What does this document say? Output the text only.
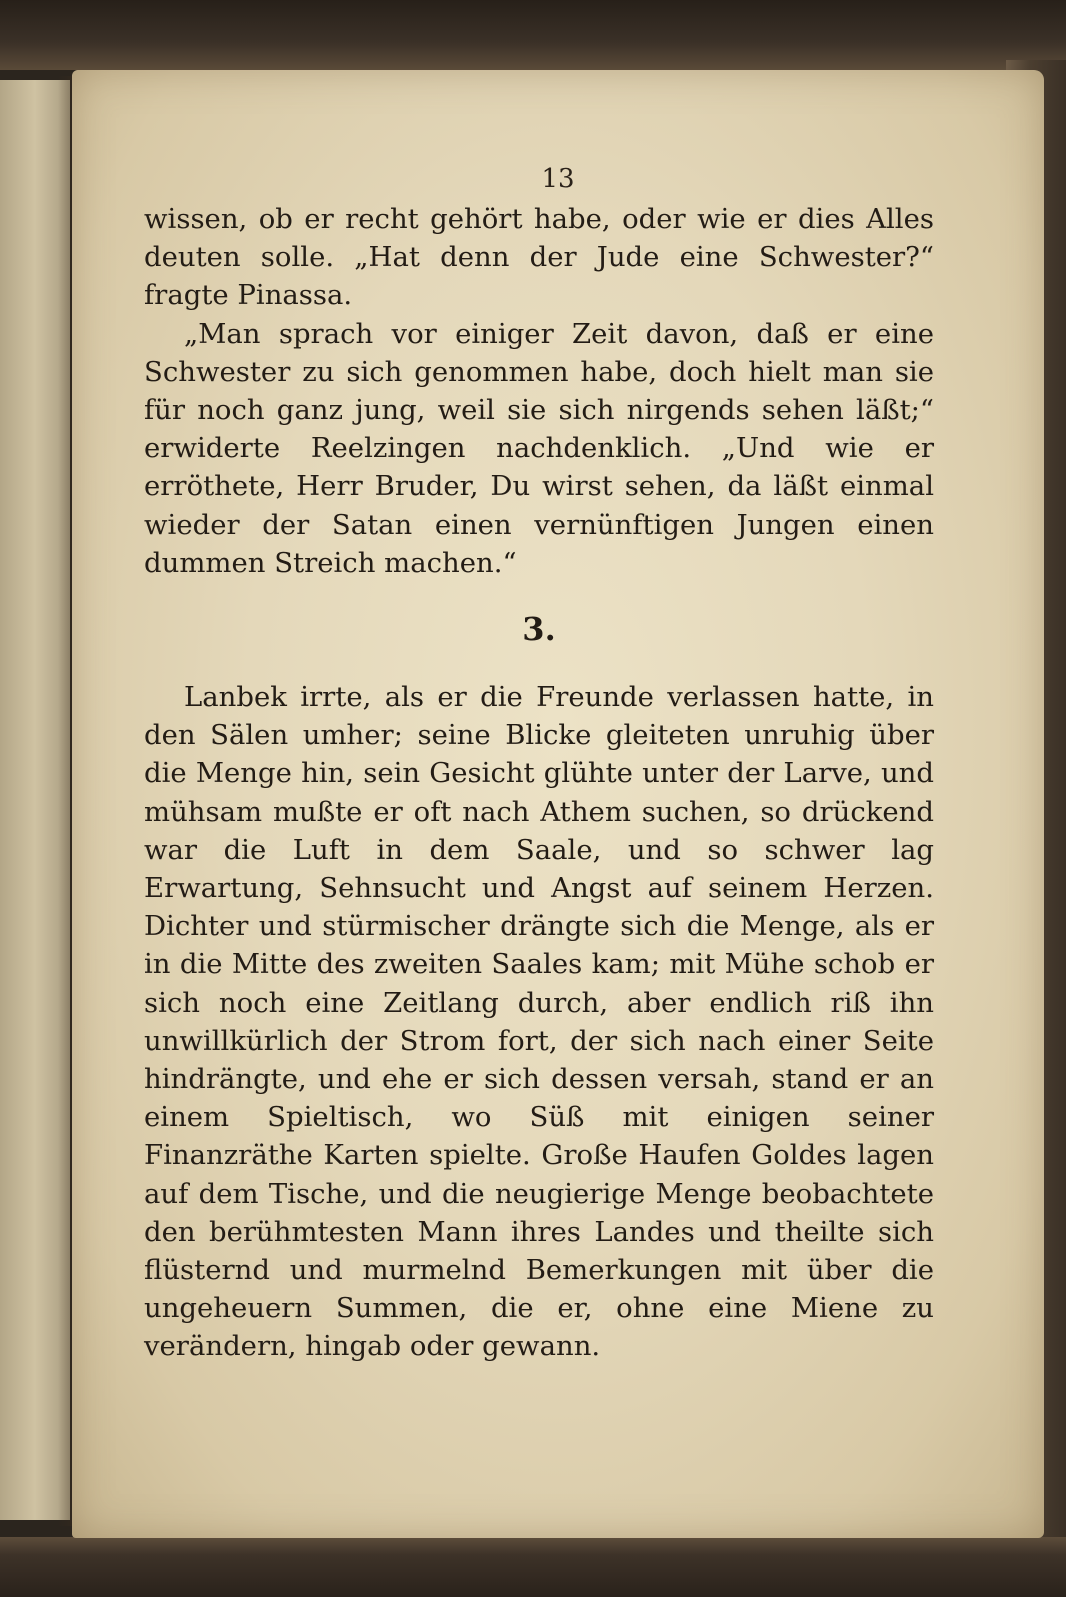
13

wissen, ob er recht gehört habe, oder wie er dies Alles deuten solle. „Hat denn der Jude eine Schwester?“ fragte Pinassa.

„Man sprach vor einiger Zeit davon, daß er eine Schwester zu sich genommen habe, doch hielt man sie für noch ganz jung, weil sie sich nirgends sehen läßt;“ erwiderte Reelzingen nachdenklich. „Und wie er erröthete, Herr Bruder, Du wirst sehen, da läßt einmal wieder der Satan einen vernünftigen Jungen einen dummen Streich machen.“

3.

Lanbek irrte, als er die Freunde verlassen hatte, in den Sälen umher; seine Blicke gleiteten unruhig über die Menge hin, sein Gesicht glühte unter der Larve, und mühsam mußte er oft nach Athem suchen, so drückend war die Luft in dem Saale, und so schwer lag Erwartung, Sehnsucht und Angst auf seinem Herzen. Dichter und stürmischer drängte sich die Menge, als er in die Mitte des zweiten Saales kam; mit Mühe schob er sich noch eine Zeitlang durch, aber endlich riß ihn unwillkürlich der Strom fort, der sich nach einer Seite hindrängte, und ehe er sich dessen versah, stand er an einem Spieltisch, wo Süß mit einigen seiner Finanzräthe Karten spielte. Große Haufen Goldes lagen auf dem Tische, und die neugierige Menge beobachtete den berühmtesten Mann ihres Landes und theilte sich flüsternd und murmelnd Bemerkungen mit über die ungeheuern Summen, die er, ohne eine Miene zu verändern, hingab oder gewann.
